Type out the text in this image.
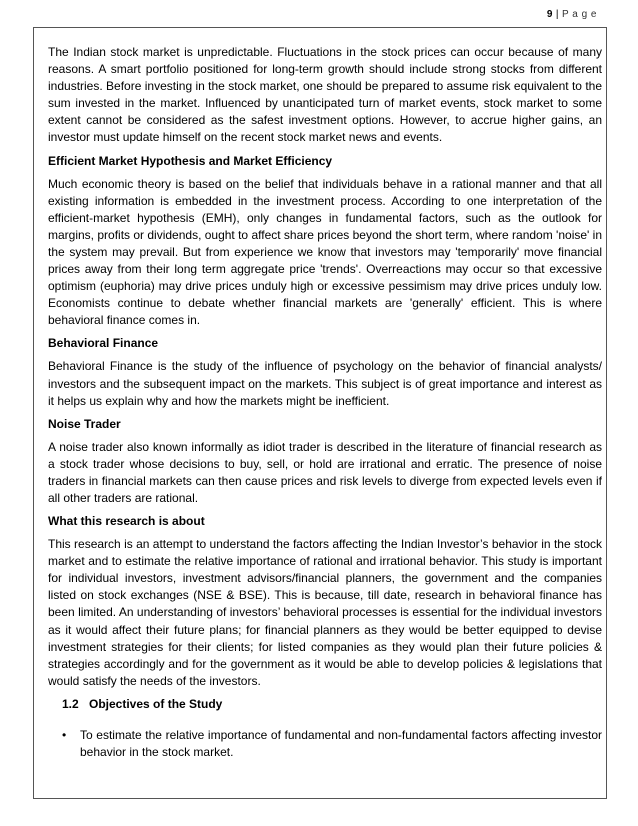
9 | P a g e

The Indian stock market is unpredictable. Fluctuations in the stock prices can occur because of many reasons. A smart portfolio positioned for long-term growth should include strong stocks from different industries. Before investing in the stock market, one should be prepared to assume risk equivalent to the sum invested in the market. Influenced by unanticipated turn of market events, stock market to some extent cannot be considered as the safest investment options. However, to accrue higher gains, an investor must update himself on the recent stock market news and events.

Efficient Market Hypothesis and Market Efficiency

Much economic theory is based on the belief that individuals behave in a rational manner and that all existing information is embedded in the investment process. According to one interpretation of the efficient-market hypothesis (EMH), only changes in fundamental factors, such as the outlook for margins, profits or dividends, ought to affect share prices beyond the short term, where random 'noise' in the system may prevail. But from experience we know that investors may 'temporarily' move financial prices away from their long term aggregate price 'trends'. Overreactions may occur so that excessive optimism (euphoria) may drive prices unduly high or excessive pessimism may drive prices unduly low. Economists continue to debate whether financial markets are 'generally' efficient. This is where behavioral finance comes in.

Behavioral Finance

Behavioral Finance is the study of the influence of psychology on the behavior of financial analysts/ investors and the subsequent impact on the markets. This subject is of great importance and interest as it helps us explain why and how the markets might be inefficient.

Noise Trader

A noise trader also known informally as idiot trader is described in the literature of financial research as a stock trader whose decisions to buy, sell, or hold are irrational and erratic. The presence of noise traders in financial markets can then cause prices and risk levels to diverge from expected levels even if all other traders are rational.

What this research is about

This research is an attempt to understand the factors affecting the Indian Investor’s behavior in the stock market and to estimate the relative importance of rational and irrational behavior. This study is important for individual investors, investment advisors/financial planners, the government and the companies listed on stock exchanges (NSE & BSE). This is because, till date, research in behavioral finance has been limited. An understanding of investors’ behavioral processes is essential for the individual investors as it would affect their future plans; for financial planners as they would be better equipped to devise investment strategies for their clients; for listed companies as they would plan their future policies & strategies accordingly and for the government as it would be able to develop policies & legislations that would satisfy the needs of the investors.

1.2 Objectives of the Study
• To estimate the relative importance of fundamental and non-fundamental factors affecting investor behavior in the stock market.
